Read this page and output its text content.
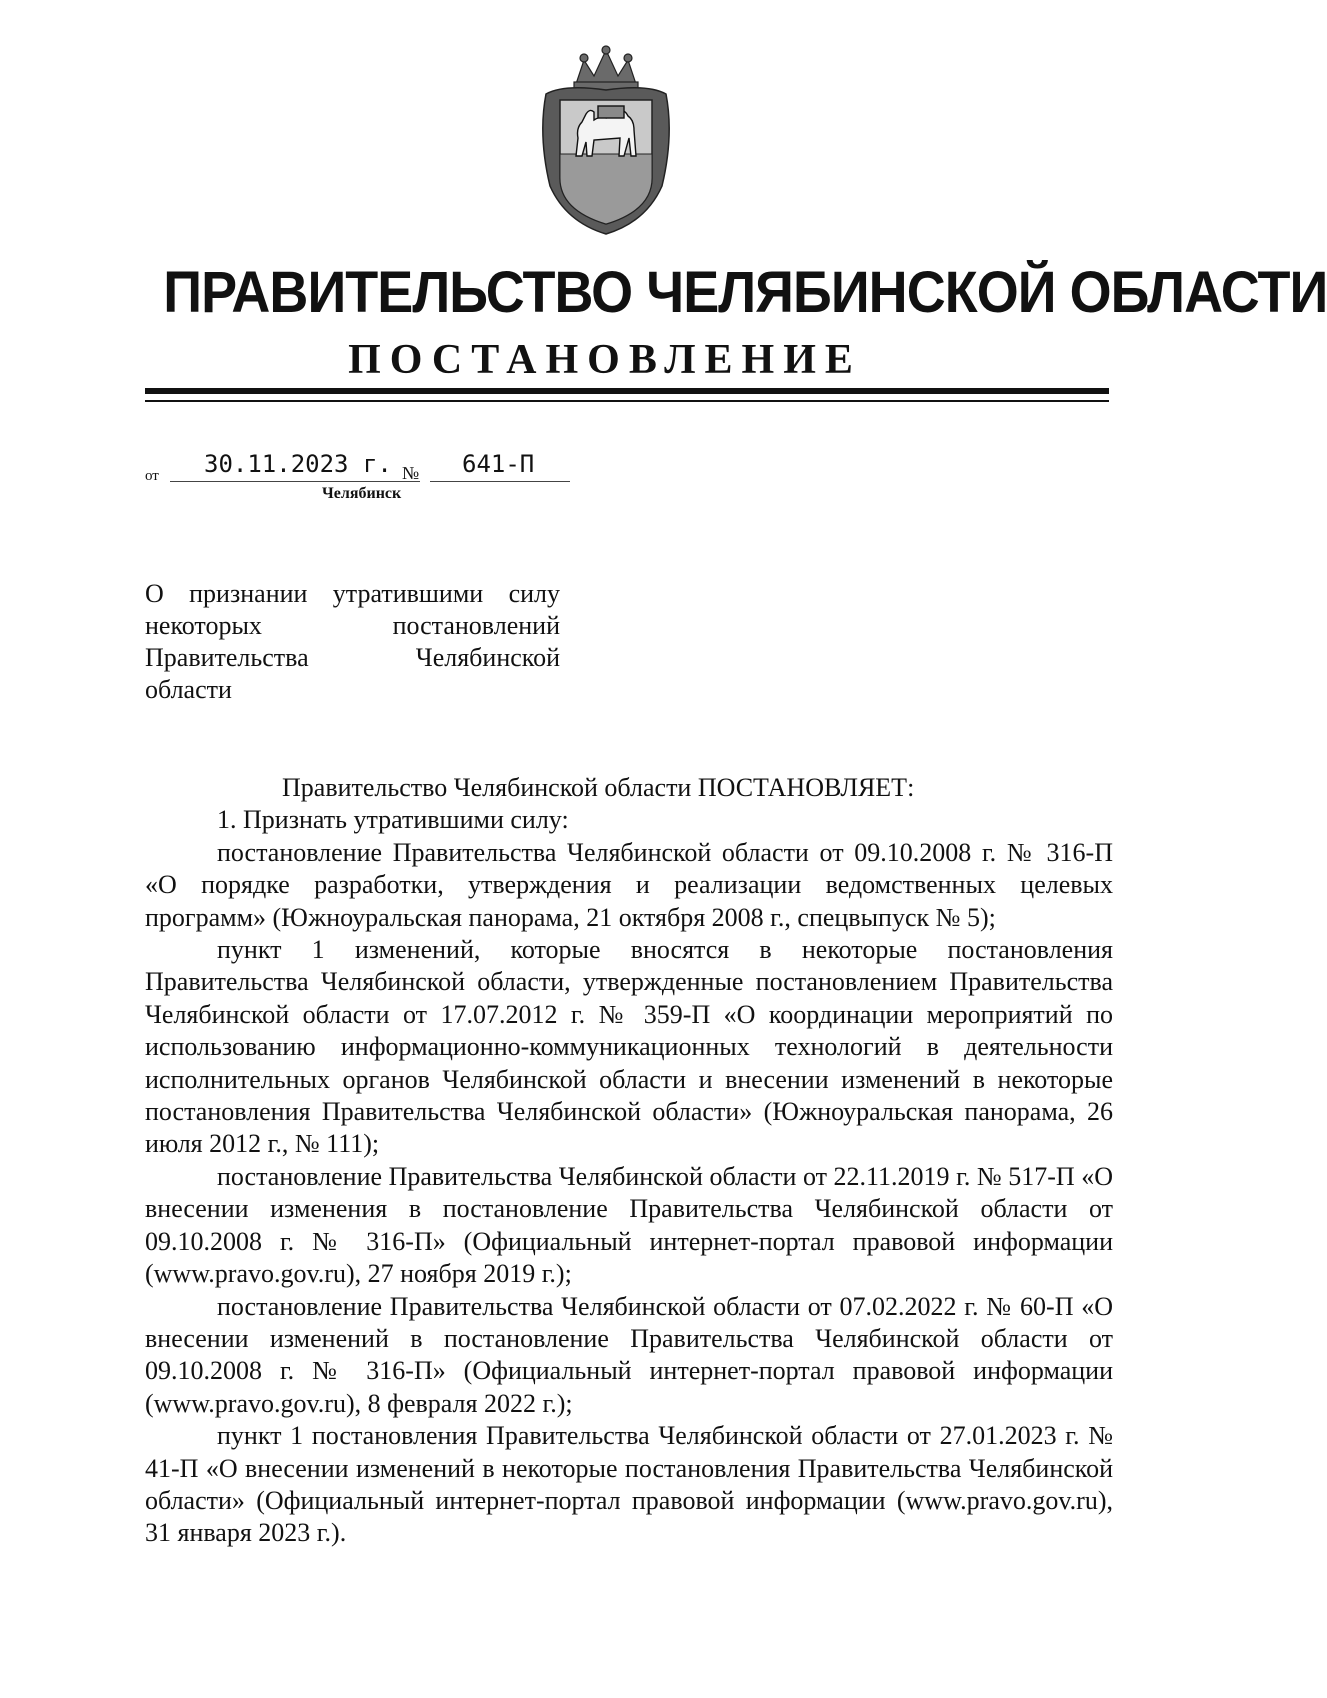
ПРАВИТЕЛЬСТВО ЧЕЛЯБИНСКОЙ ОБЛАСТИ
ПОСТАНОВЛЕНИЕ
от	30.11.2023 г. №	641-П
Челябинск
О признании утратившими силу
некоторых постановлений
Правительства Челябинской
области

Правительство Челябинской области ПОСТАНОВЛЯЕТ:

1. Признать утратившими силу:

постановление Правительства Челябинской области от 09.10.2008 г. № 316-П «О порядке разработки, утверждения и реализации ведомственных целевых программ» (Южноуральская панорама, 21 октября 2008 г., спецвыпуск № 5);

пункт 1 изменений, которые вносятся в некоторые постановления Правительства Челябинской области, утвержденные постановлением Правительства Челябинской области от 17.07.2012 г. № 359-П «О координации мероприятий по использованию информационно-коммуникационных технологий в деятельности исполнительных органов Челябинской области и внесении изменений в некоторые постановления Правительства Челябинской области» (Южноуральская панорама, 26 июля 2012 г., № 111);

постановление Правительства Челябинской области от 22.11.2019 г. № 517-П «О внесении изменения в постановление Правительства Челябинской области от 09.10.2008 г. № 316-П» (Официальный интернет-портал правовой информации (www.pravo.gov.ru), 27 ноября 2019 г.);

постановление Правительства Челябинской области от 07.02.2022 г. № 60-П «О внесении изменений в постановление Правительства Челябинской области от 09.10.2008 г. № 316-П» (Официальный интернет-портал правовой информации (www.pravo.gov.ru), 8 февраля 2022 г.);

пункт 1 постановления Правительства Челябинской области от 27.01.2023 г. № 41-П «О внесении изменений в некоторые постановления Правительства Челябинской области» (Официальный интернет-портал правовой информации (www.pravo.gov.ru), 31 января 2023 г.).
